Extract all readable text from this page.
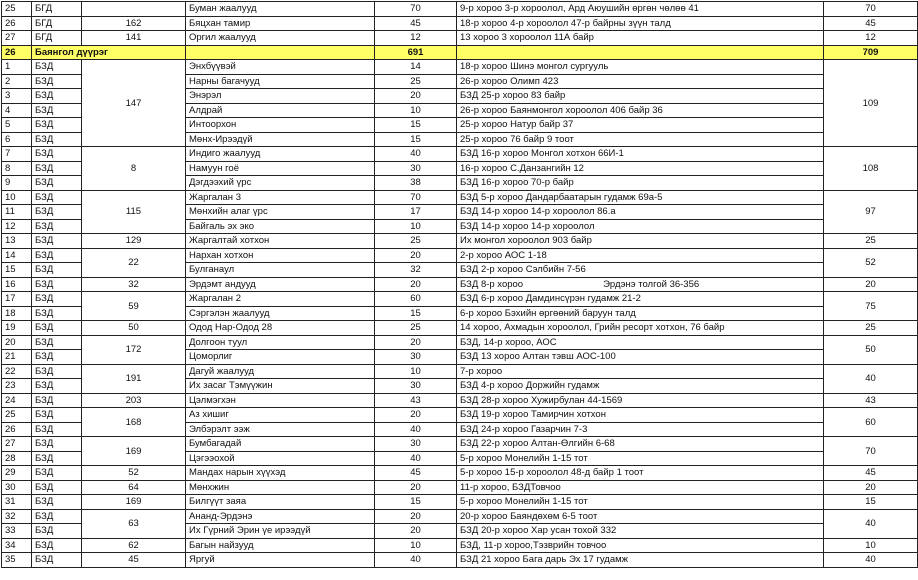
25	БГД		Буман жаалууд	70	9-р хороо 3-р хороолол, Ард Аюушийн өргөн чөлөө 41	70
26	БГД	162	Бяцхан тамир	45	18-р хороо 4-р хороолол 47-р байрны зүүн талд	45
27	БГД	141	Оргил жаалууд	12	13 хороо 3 хороолол 11А байр	12
26	Баянгол дүүрэг			691		709
1	БЗД	147	Энхбүүвэй	14	18-р хороо Шинэ монгол сургууль	109
2	БЗД		Нарны багачууд	25	26-р хороо Олимп 423	
3	БЗД		Энэрэл	20	БЗД 25-р хороо 83 байр	
4	БЗД		Алдрай	10	26-р хороо Баянмонгол хороолол 406 байр 36	
5	БЗД		Интоорхон	15	25-р хороо Натур байр 37	
6	БЗД		Мөнх-Ирээдүй	15	25-р хороо 76 байр 9 тоот	
7	БЗД	8	Индиго жаалууд	40	БЗД 16-р хороо Монгол хотхон 66И-1	108
8	БЗД		Намуун гоё	30	16-р хороо С.Данзангийн 12	
9	БЗД		Дэгдээхий үрс	38	БЗД 16-р хороо 70-р байр	
10	БЗД	115	Жаргалан 3	70	БЗД 5-р хороо Дандарбаатарын гудамж 69а-5	97
11	БЗД		Мөнхийн алаг үрс	17	БЗД 14-р хороо 14-р хороолол 86.а	
12	БЗД		Байгаль эх эко	10	БЗД 14-р хороо 14-р хороолол	
13	БЗД	129	Жаргалтай хотхон	25	Их монгол хороолол 903 байр	25
14	БЗД	22	Нархан хотхон	20	2-р хороо АОС 1-18	52
15	БЗД		Булганаул	32	БЗД 2-р хороо Сэлбийн 7-56	
16	БЗД	32	Эрдэмт андууд	20	БЗД 8-р хороо Эрдэнэ толгой 36-356	20
17	БЗД	59	Жаргалан 2	60	БЗД 6-р хороо Дамдинсүрэн гудамж 21-2	75
18	БЗД		Сэргэлэн жаалууд	15	6-р хороо Бэхийн өргөөний баруун талд	
19	БЗД	50	Одод Нар-Одод 28	25	14 хороо, Ахмадын хороолол, Грийн ресорт хотхон, 76 байр	25
20	БЗД	172	Долгоон туул	20	БЗД, 14-р хороо, АОС	50
21	БЗД		Цоморлиг	30	БЗД 13 хороо Алтан тэвш АОС-100	
22	БЗД	191	Дагуй жаалууд	10	7-р хороо	40
23	БЗД		Их засаг Тэмүүжин	30	БЗД 4-р хороо Доржийн гудамж	
24	БЗД	203	Цэлмэгхэн	43	БЗД 28-р хороо Хужирбулан 44-1569	43
25	БЗД	168	Аз хишиг	20	БЗД 19-р хороо Тамирчин хотхон	60
26	БЗД		Элбэрэлт ээж	40	БЗД 24-р хороо Газарчин 7-3	
27	БЗД	169	Бумбагадай	30	БЗД 22-р хороо Алтан-Өлгийн 6-68	70
28	БЗД		Цэгээохой	40	5-р хороо Монелийн 1-15 тот	
29	БЗД	52	Мандах нарын хүүхэд	45	5-р хороо 15-р хороолол 48-д байр 1 тоот	45
30	БЗД	64	Мөнхжин	20	11-р хороо, БЗДТовчоо	20
31	БЗД	169	Билгүүт заяа	15	5-р хороо Монелийн 1-15 тот	15
32	БЗД	63	Ананд-Эрдэнэ	20	20-р хороо Баяндөхөм 6-5 тоот	40
33	БЗД		Их Гүрний Эрин үе ирээдүй	20	БЗД 20-р хороо Хар усан тохой 332	
34	БЗД	62	Багын найзууд	10	БЗД, 11-р хороо,Тэзврийн товчоо	10
35	БЗД	45	Яргуй	40	БЗД 21 хороо Бага дарь Эх 17 гудамж	40
